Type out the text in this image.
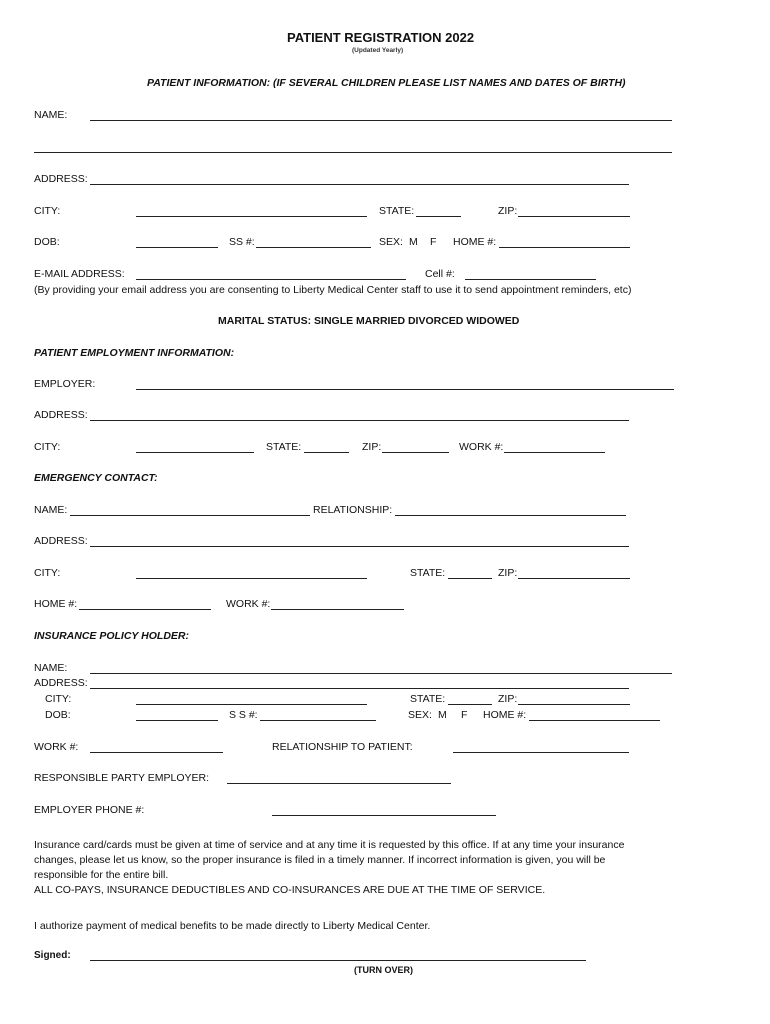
PATIENT REGISTRATION 2022
(Updated Yearly)
PATIENT INFORMATION: (IF SEVERAL CHILDREN PLEASE LIST NAMES AND DATES OF BIRTH)
NAME:
ADDRESS:
CITY:	STATE:	ZIP:
DOB:	SS #:	SEX: M F HOME #:
E-MAIL ADDRESS:	Cell #:
(By providing your email address you are consenting to Liberty Medical Center staff to use it to send appointment reminders, etc)
MARITAL STATUS: SINGLE MARRIED DIVORCED WIDOWED
PATIENT EMPLOYMENT INFORMATION:
EMPLOYER:
ADDRESS:
CITY:	STATE:	ZIP:	WORK #:
EMERGENCY CONTACT:
NAME:	RELATIONSHIP:
ADDRESS:
CITY:	STATE:	ZIP:
HOME #:	WORK #:
INSURANCE POLICY HOLDER:
NAME:
ADDRESS:
CITY:	STATE:	ZIP:
DOB:	S S #:	SEX: M F HOME #:
WORK #:	RELATIONSHIP TO PATIENT:
RESPONSIBLE PARTY EMPLOYER:
EMPLOYER PHONE #:
Insurance card/cards must be given at time of service and at any time it is requested by this office. If at any time your insurance
changes, please let us know, so the proper insurance is filed in a timely manner. If incorrect information is given, you will be
responsible for the entire bill.
ALL CO-PAYS, INSURANCE DEDUCTIBLES AND CO-INSURANCES ARE DUE AT THE TIME OF SERVICE.
I authorize payment of medical benefits to be made directly to Liberty Medical Center.
Signed:
(TURN OVER)
